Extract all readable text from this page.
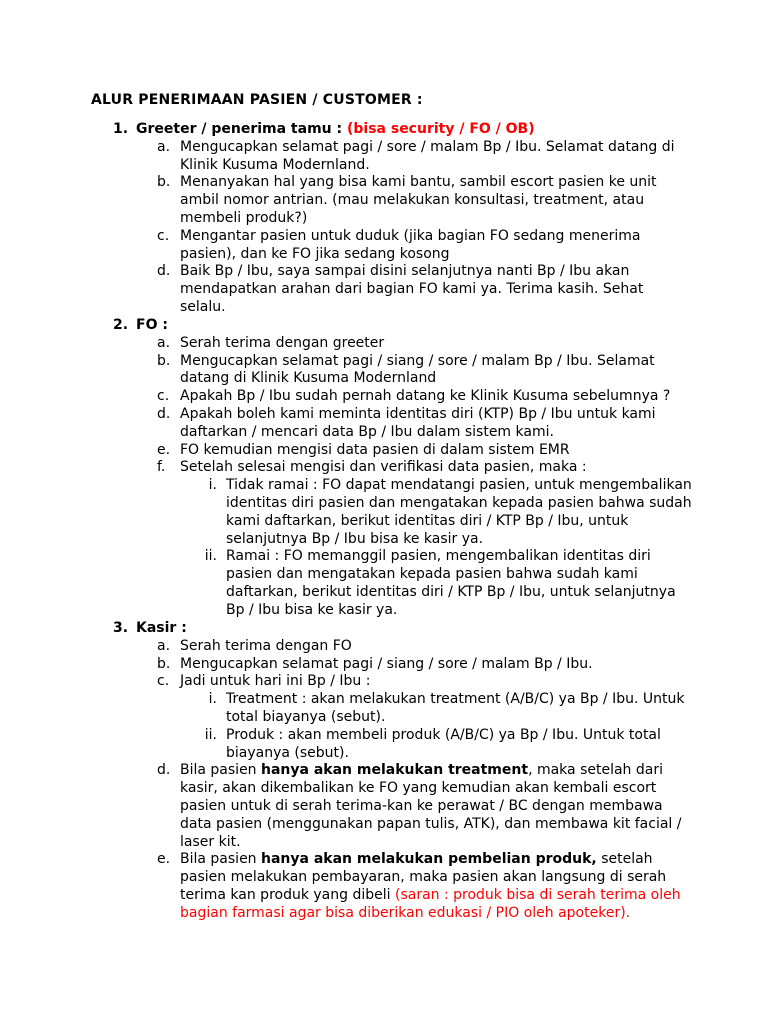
ALUR PENERIMAAN PASIEN / CUSTOMER :
1. Greeter / penerima tamu : (bisa security / FO / OB)
a. Mengucapkan selamat pagi / sore / malam Bp / Ibu. Selamat datang di Klinik Kusuma Modernland.
b. Menanyakan hal yang bisa kami bantu, sambil escort pasien ke unit ambil nomor antrian. (mau melakukan konsultasi, treatment, atau membeli produk?)
c. Mengantar pasien untuk duduk (jika bagian FO sedang menerima pasien), dan ke FO jika sedang kosong
d. Baik Bp / Ibu, saya sampai disini selanjutnya nanti Bp / Ibu akan mendapatkan arahan dari bagian FO kami ya. Terima kasih. Sehat selalu.
2. FO :
a. Serah terima dengan greeter
b. Mengucapkan selamat pagi / siang / sore / malam Bp / Ibu. Selamat datang di Klinik Kusuma Modernland
c. Apakah Bp / Ibu sudah pernah datang ke Klinik Kusuma sebelumnya ?
d. Apakah boleh kami meminta identitas diri (KTP) Bp / Ibu untuk kami daftarkan / mencari data Bp / Ibu dalam sistem kami.
e. FO kemudian mengisi data pasien di dalam sistem EMR
f. Setelah selesai mengisi dan verifikasi data pasien, maka :
i. Tidak ramai : FO dapat mendatangi pasien, untuk mengembalikan identitas diri pasien dan mengatakan kepada pasien bahwa sudah kami daftarkan, berikut identitas diri / KTP Bp / Ibu, untuk selanjutnya Bp / Ibu bisa ke kasir ya.
ii. Ramai : FO memanggil pasien, mengembalikan identitas diri pasien dan mengatakan kepada pasien bahwa sudah kami daftarkan, berikut identitas diri / KTP Bp / Ibu, untuk selanjutnya Bp / Ibu bisa ke kasir ya.
3. Kasir :
a. Serah terima dengan FO
b. Mengucapkan selamat pagi / siang / sore / malam Bp / Ibu.
c. Jadi untuk hari ini Bp / Ibu :
i. Treatment : akan melakukan treatment (A/B/C) ya Bp / Ibu. Untuk total biayanya (sebut).
ii. Produk : akan membeli produk (A/B/C) ya Bp / Ibu. Untuk total biayanya (sebut).
d. Bila pasien hanya akan melakukan treatment, maka setelah dari kasir, akan dikembalikan ke FO yang kemudian akan kembali escort pasien untuk di serah terima-kan ke perawat / BC dengan membawa data pasien (menggunakan papan tulis, ATK), dan membawa kit facial / laser kit.
e. Bila pasien hanya akan melakukan pembelian produk, setelah pasien melakukan pembayaran, maka pasien akan langsung di serah terima kan produk yang dibeli (saran : produk bisa di serah terima oleh bagian farmasi agar bisa diberikan edukasi / PIO oleh apoteker).
